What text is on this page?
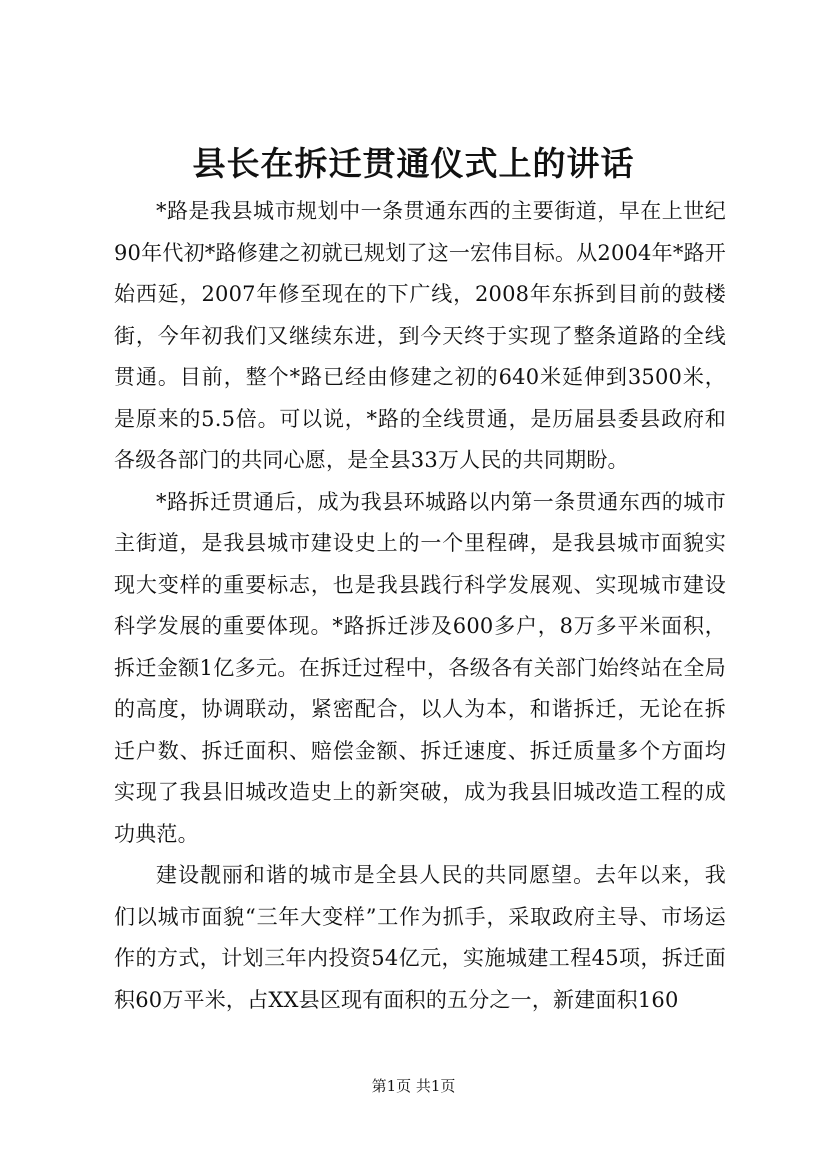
县长在拆迁贯通仪式上的讲话

*路是我县城市规划中一条贯通东西的主要街道，早在上世纪90年代初*路修建之初就已规划了这一宏伟目标。从2004年*路开始西延，2007年修至现在的下广线，2008年东拆到目前的鼓楼街，今年初我们又继续东进，到今天终于实现了整条道路的全线贯通。目前，整个*路已经由修建之初的640米延伸到3500米，是原来的5.5倍。可以说，*路的全线贯通，是历届县委县政府和各级各部门的共同心愿，是全县33万人民的共同期盼。

*路拆迁贯通后，成为我县环城路以内第一条贯通东西的城市主街道，是我县城市建设史上的一个里程碑，是我县城市面貌实现大变样的重要标志，也是我县践行科学发展观、实现城市建设科学发展的重要体现。*路拆迁涉及600多户，8万多平米面积，拆迁金额1亿多元。在拆迁过程中，各级各有关部门始终站在全局的高度，协调联动，紧密配合，以人为本，和谐拆迁，无论在拆迁户数、拆迁面积、赔偿金额、拆迁速度、拆迁质量多个方面均实现了我县旧城改造史上的新突破，成为我县旧城改造工程的成功典范。

建设靓丽和谐的城市是全县人民的共同愿望。去年以来，我们以城市面貌“三年大变样”工作为抓手，采取政府主导、市场运作的方式，计划三年内投资54亿元，实施城建工程45项，拆迁面积60万平米，占XX县区现有面积的五分之一，新建面积160

第1页 共1页
